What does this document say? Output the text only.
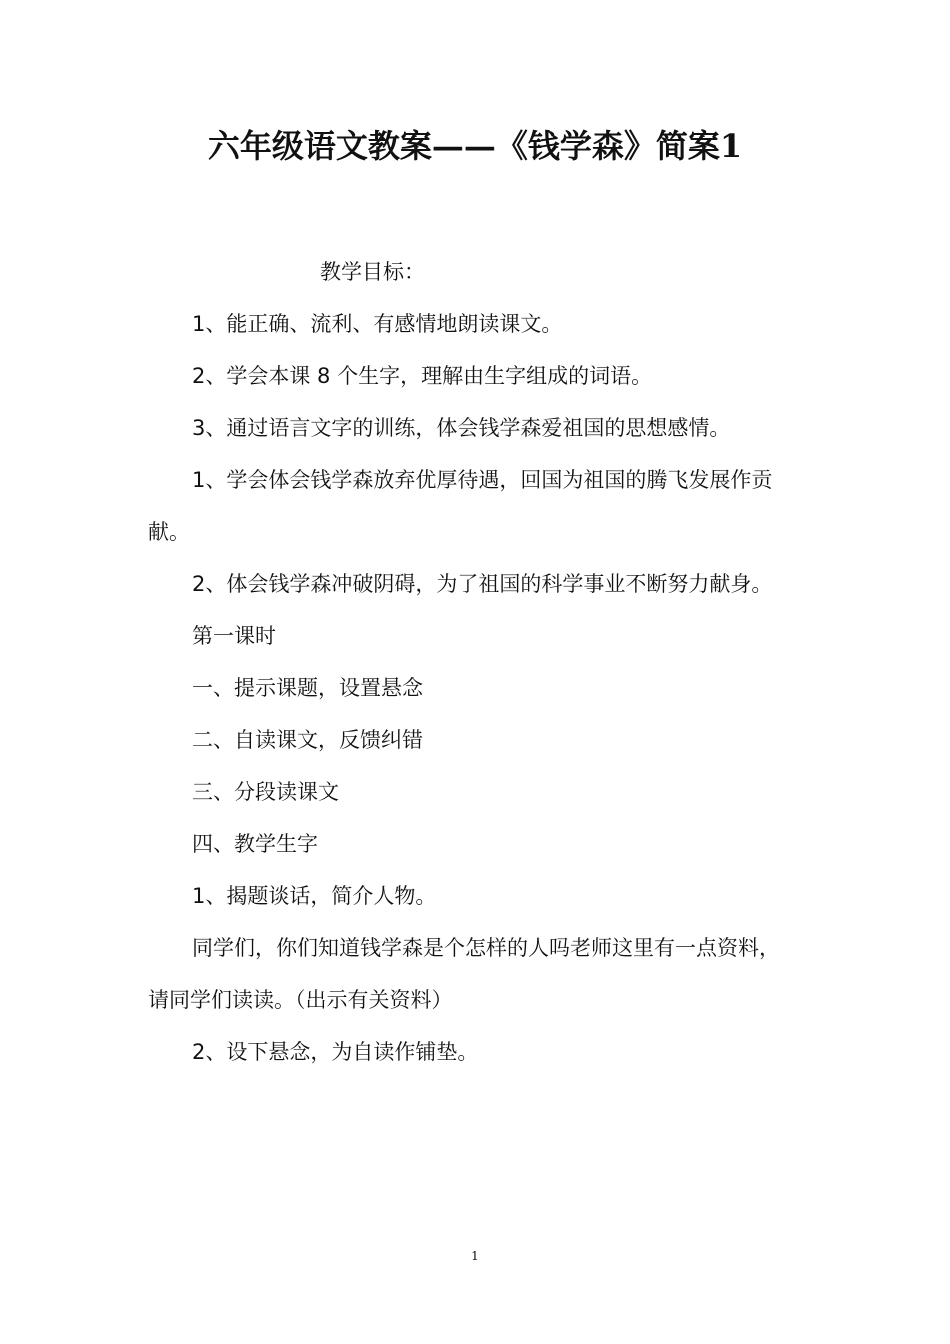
六年级语文教案——《钱学森》简案1

教学目标：

1、能正确、流利、有感情地朗读课文。

2、学会本课 8 个生字，理解由生字组成的词语。

3、通过语言文字的训练，体会钱学森爱祖国的思想感情。

1、学会体会钱学森放弃优厚待遇，回国为祖国的腾飞发展作贡献。

2、体会钱学森冲破阴碍，为了祖国的科学事业不断努力献身。

第一课时

一、提示课题，设置悬念

二、自读课文，反馈纠错

三、分段读课文

四、教学生字

1、揭题谈话，简介人物。

同学们，你们知道钱学森是个怎样的人吗老师这里有一点资料，请同学们读读。（出示有关资料）

2、设下悬念，为自读作铺垫。

1
